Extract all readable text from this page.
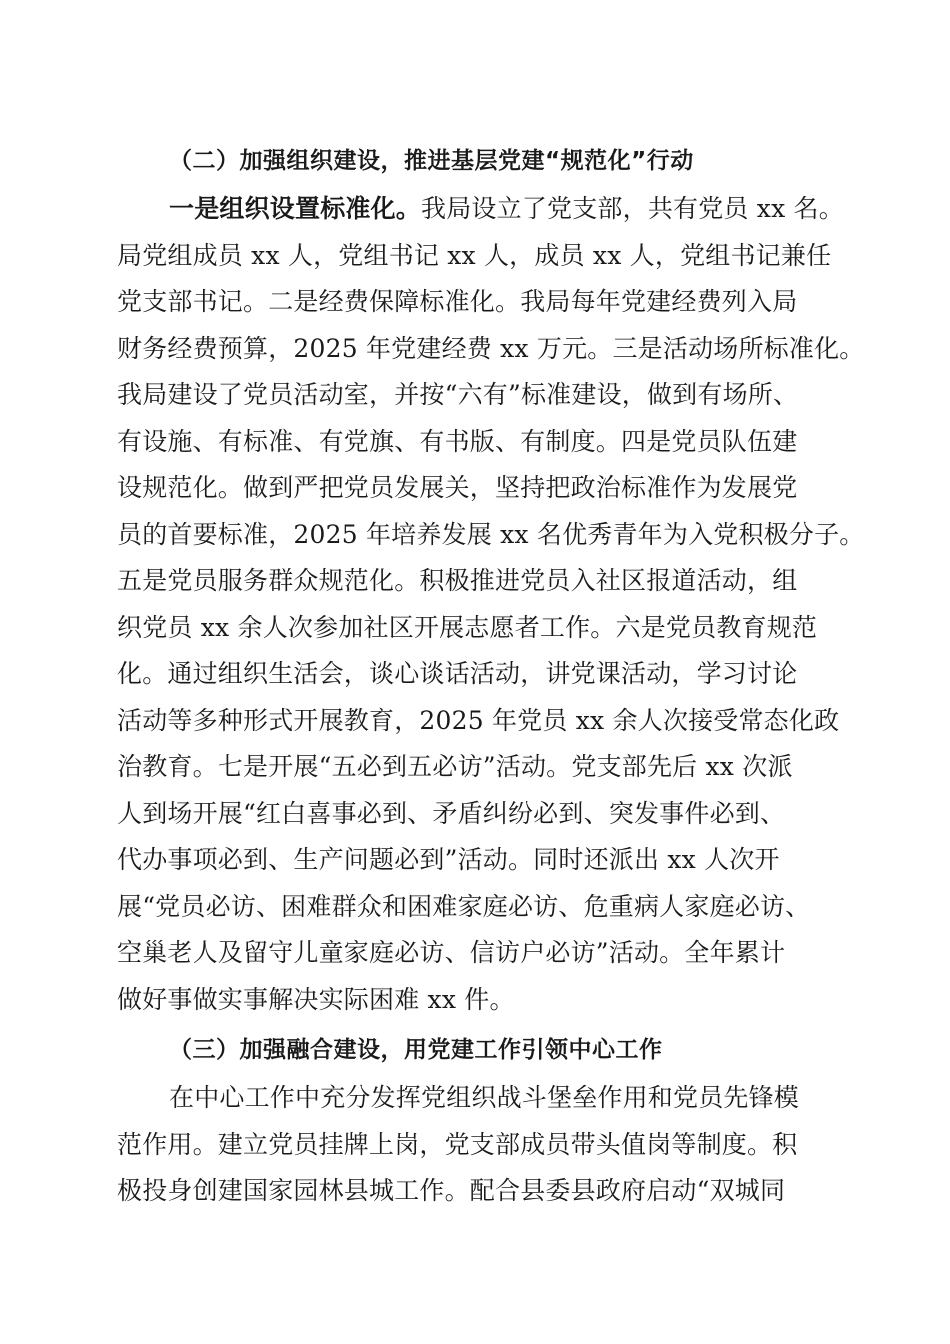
（二）加强组织建设，推进基层党建“规范化”行动

一是组织设置标准化。我局设立了党支部，共有党员 xx 名。
局党组成员 xx 人，党组书记 xx 人，成员 xx 人，党组书记兼任
党支部书记。二是经费保障标准化。我局每年党建经费列入局
财务经费预算，2025 年党建经费 xx 万元。三是活动场所标准化。
我局建设了党员活动室，并按“六有”标准建设，做到有场所、
有设施、有标准、有党旗、有书版、有制度。四是党员队伍建
设规范化。做到严把党员发展关，坚持把政治标准作为发展党
员的首要标准，2025 年培养发展 xx 名优秀青年为入党积极分子。
五是党员服务群众规范化。积极推进党员入社区报道活动，组
织党员 xx 余人次参加社区开展志愿者工作。六是党员教育规范
化。通过组织生活会，谈心谈话活动，讲党课活动，学习讨论
活动等多种形式开展教育，2025 年党员 xx 余人次接受常态化政
治教育。七是开展“五必到五必访”活动。党支部先后 xx 次派
人到场开展“红白喜事必到、矛盾纠纷必到、突发事件必到、
代办事项必到、生产问题必到”活动。同时还派出 xx 人次开
展“党员必访、困难群众和困难家庭必访、危重病人家庭必访、
空巢老人及留守儿童家庭必访、信访户必访”活动。全年累计
做好事做实事解决实际困难 xx 件。

（三）加强融合建设，用党建工作引领中心工作

在中心工作中充分发挥党组织战斗堡垒作用和党员先锋模
范作用。建立党员挂牌上岗，党支部成员带头值岗等制度。积
极投身创建国家园林县城工作。配合县委县政府启动“双城同
